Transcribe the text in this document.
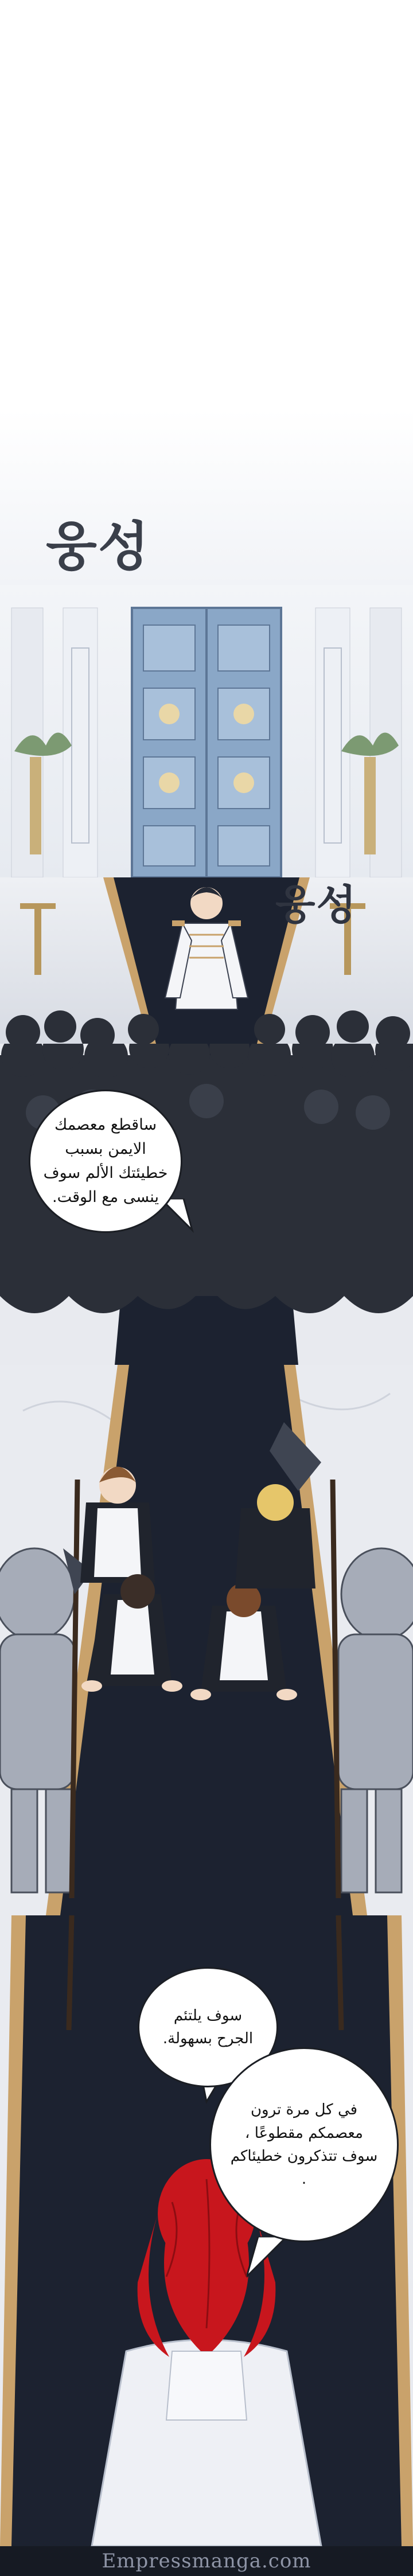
웅성
웅성
ساقطع معصمك
الايمن بسبب
خطيئتك الألم سوف
ينسى مع الوقت.
سوف يلتئم
الجرح بسهولة.
في كل مرة ترون
معصمكم مقطوعًا ،
سوف تتذكرون خطيئاكم
.
Empressmanga.com
